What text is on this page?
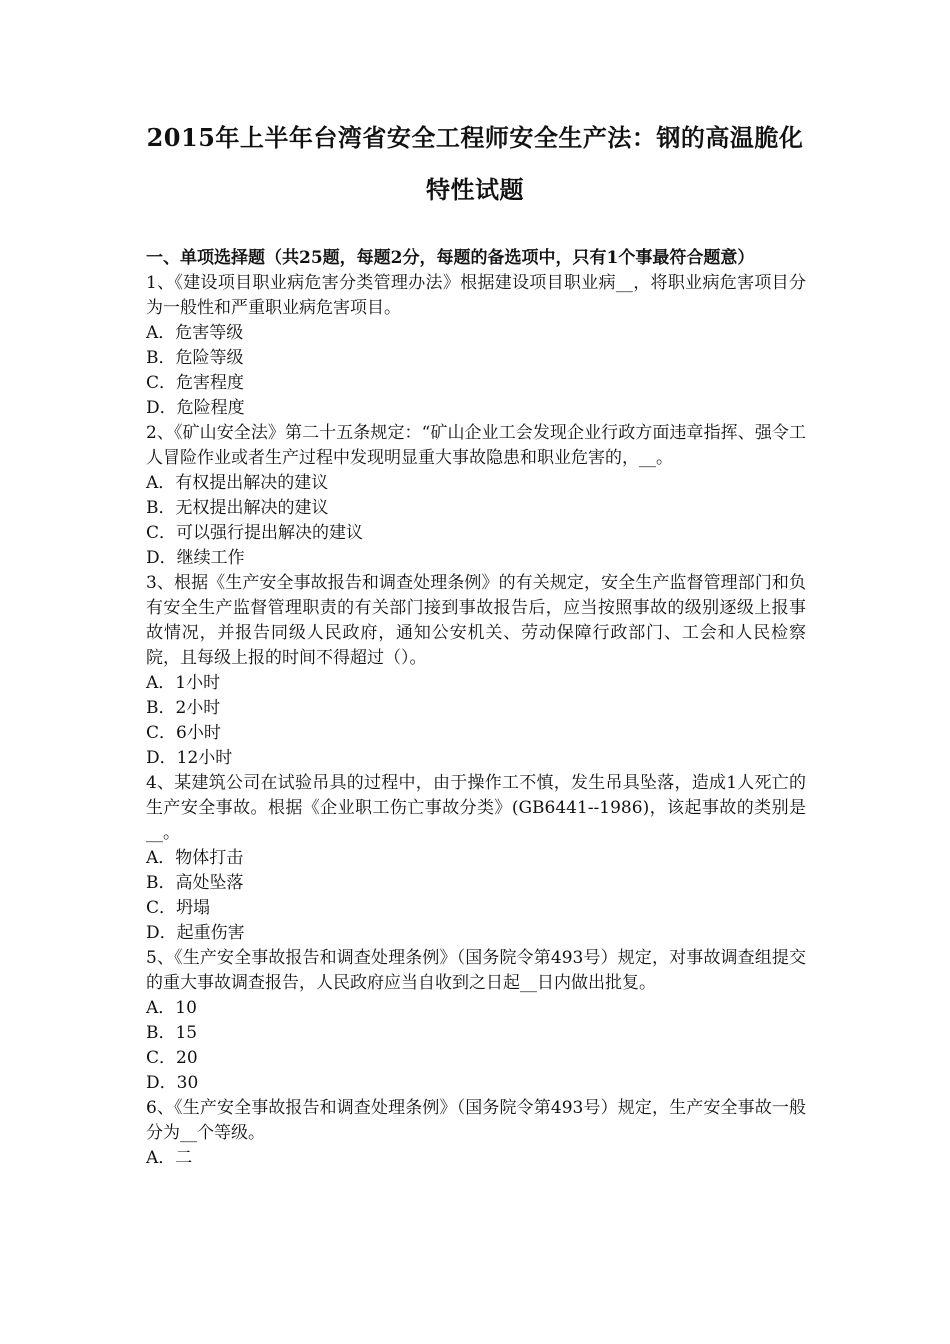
2015年上半年台湾省安全工程师安全生产法：钢的高温脆化特性试题
一、单项选择题（共25题，每题2分，每题的备选项中，只有1个事最符合题意）

1、《建设项目职业病危害分类管理办法》根据建设项目职业病__，将职业病危害项目分为一般性和严重职业病危害项目。

A．危害等级

B．危险等级

C．危害程度

D．危险程度

2、《矿山安全法》第二十五条规定：“矿山企业工会发现企业行政方面违章指挥、强令工人冒险作业或者生产过程中发现明显重大事故隐患和职业危害的，__。

A．有权提出解决的建议

B．无权提出解决的建议

C．可以强行提出解决的建议

D．继续工作

3、根据《生产安全事故报告和调查处理条例》的有关规定，安全生产监督管理部门和负有安全生产监督管理职责的有关部门接到事故报告后，应当按照事故的级别逐级上报事故情况，并报告同级人民政府，通知公安机关、劳动保障行政部门、工会和人民检察院，且每级上报的时间不得超过（）。

A．1小时

B．2小时

C．6小时

D．12小时

4、某建筑公司在试验吊具的过程中，由于操作工不慎，发生吊具坠落，造成1人死亡的生产安全事故。根据《企业职工伤亡事故分类》(GB6441--1986)，该起事故的类别是__。

A．物体打击

B．高处坠落

C．坍塌

D．起重伤害

5、《生产安全事故报告和调查处理条例》（国务院令第493号）规定，对事故调查组提交的重大事故调查报告，人民政府应当自收到之日起__日内做出批复。

A．10

B．15

C．20

D．30

6、《生产安全事故报告和调查处理条例》（国务院令第493号）规定，生产安全事故一般分为__个等级。

A．二
